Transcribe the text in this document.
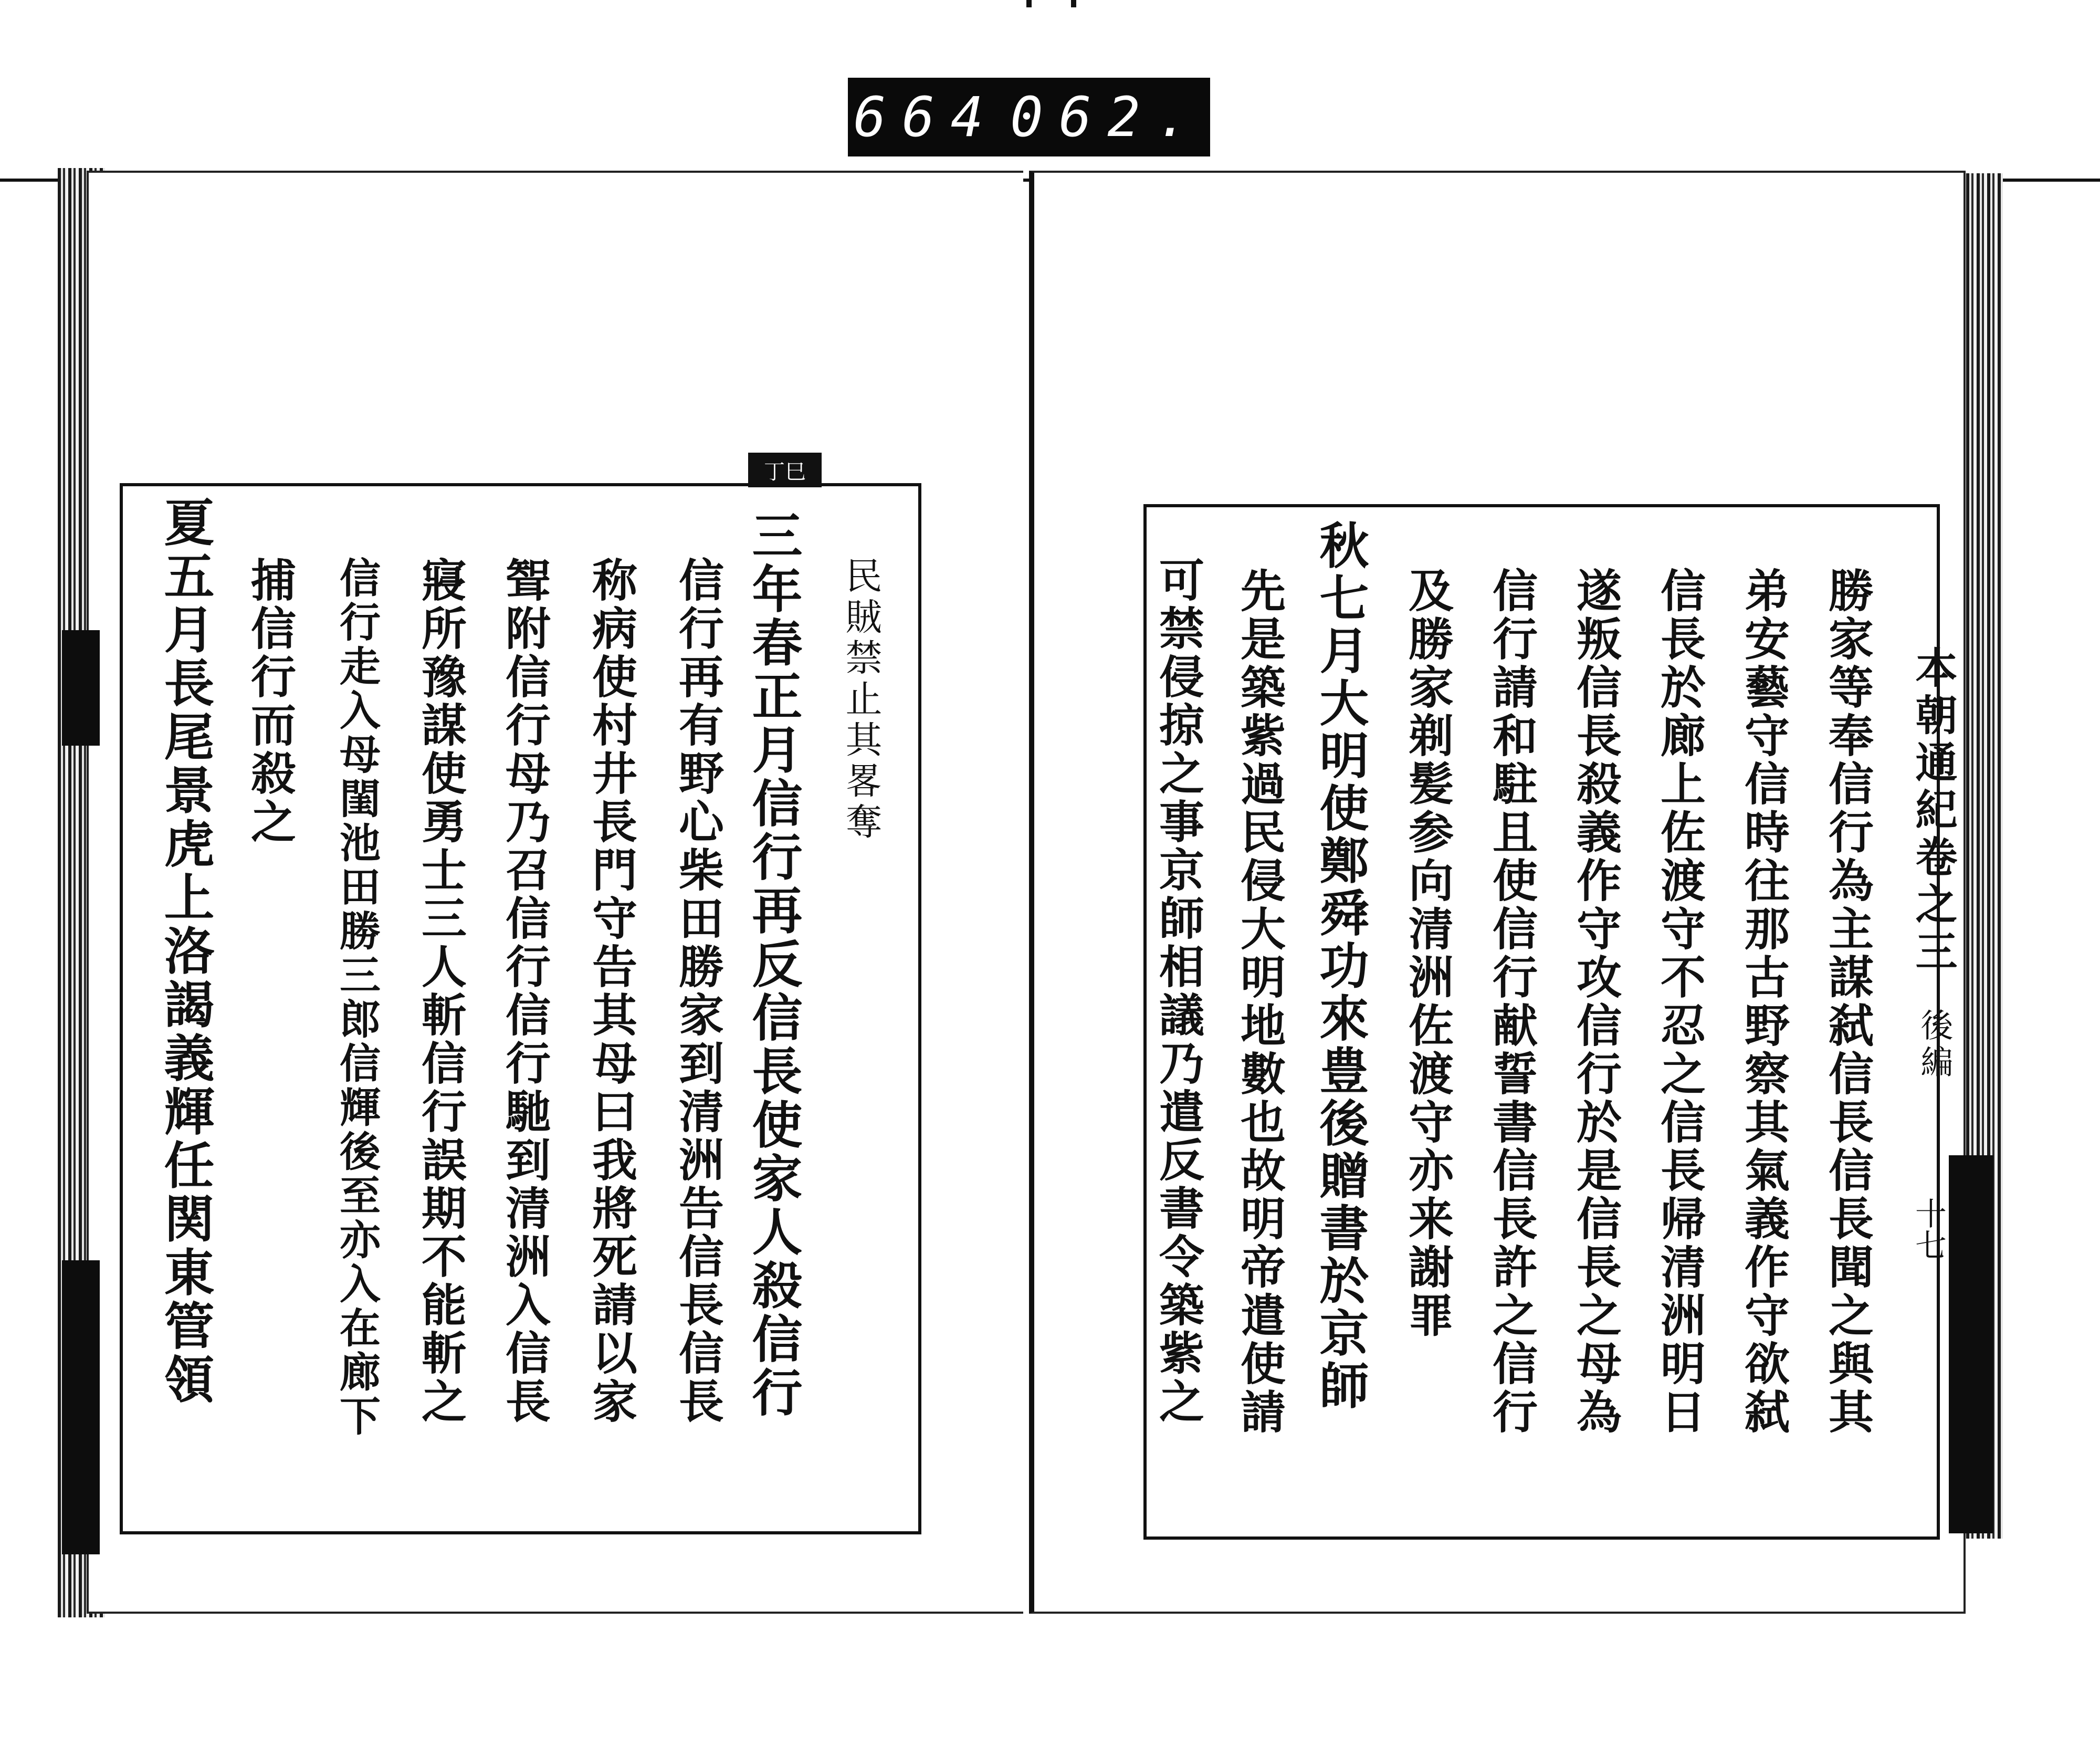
664 062.
丁巳
民賊禁止其畧奪
三年春正月信行再反信長使家人殺信行
信行再有野心柴田勝家到清洲告信長信長
称病使村井長門守告其母曰我將死請以家
聟附信行母乃召信行信行馳到清洲入信長
寢所豫謀使勇士三人斬信行誤期不能斬之
信行走入母閨池田勝三郎信輝後至亦入在廊下
捕信行而殺之
夏五月長尾景虎上洛謁義輝任関東管領	本朝通紀卷之三
後編
十七
勝家等奉信行為主謀弑信長信長聞之與其
弟安藝守信時往那古野察其氣義作守欲弑
信長於廊上佐渡守不忍之信長帰清洲明日
遂叛信長殺義作守攻信行於是信長之母為
信行請和駐且使信行献誓書信長許之信行
及勝家剃髪参向清洲佐渡守亦来謝罪
秋七月大明使鄭舜功來豊後贈書於京師
先是築紫過民侵大明地數也故明帝遣使請
可禁侵掠之事京師相議乃遣反書令築紫之
